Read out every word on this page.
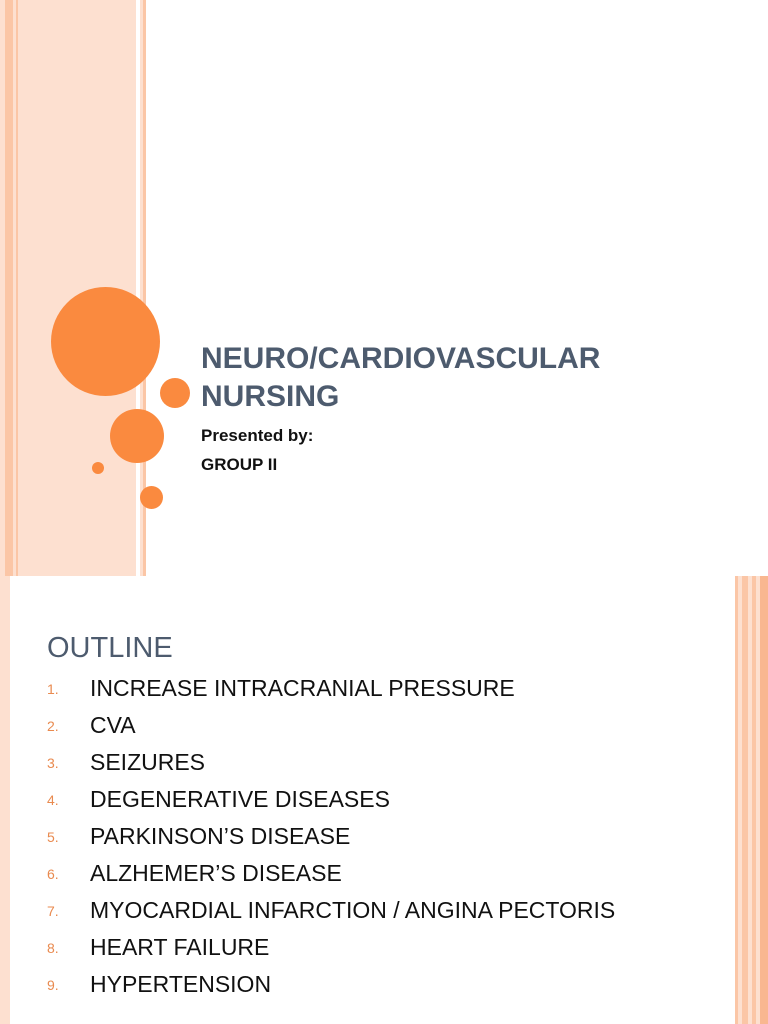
NEURO/CARDIOVASCULAR
NURSING

Presented by:

GROUP II

OUTLINE
1.	INCREASE INTRACRANIAL PRESSURE
2.	CVA
3.	SEIZURES
4.	DEGENERATIVE DISEASES
5.	PARKINSON’S DISEASE
6.	ALZHEMER’S DISEASE
7.	MYOCARDIAL INFARCTION / ANGINA PECTORIS
8.	HEART FAILURE
9.	HYPERTENSION
